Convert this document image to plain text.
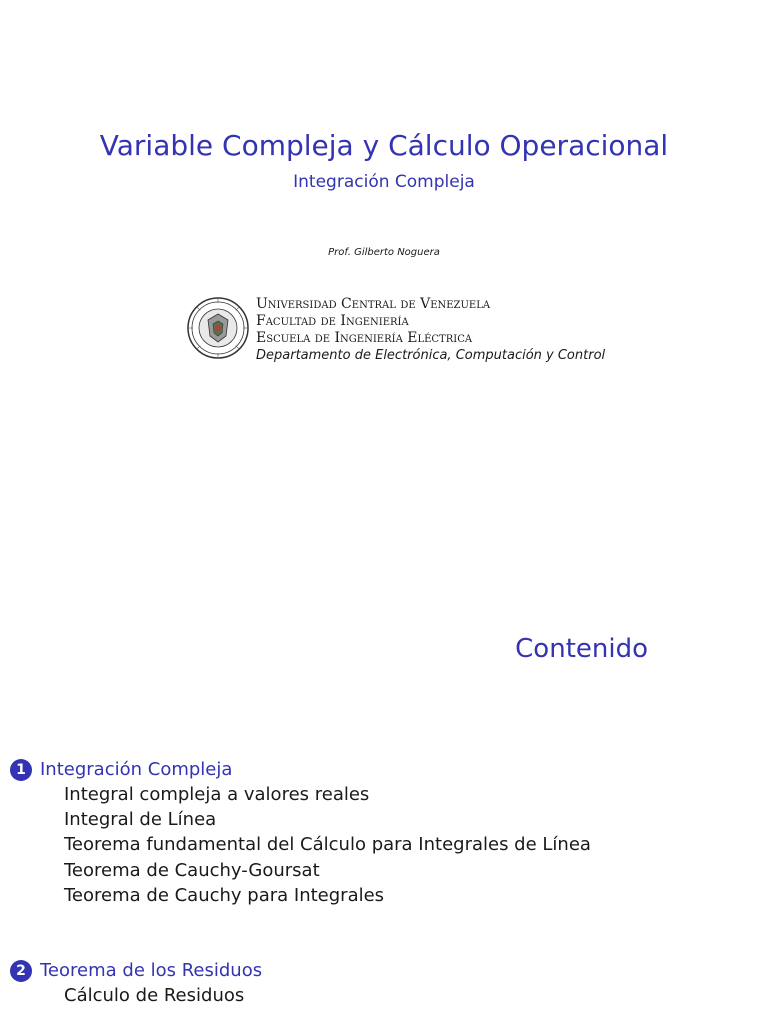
Variable Compleja y Cálculo Operacional
Integración Compleja
Prof. Gilberto Noguera
Universidad Central de Venezuela
Facultad de Ingeniería
Escuela de Ingeniería Eléctrica
Departamento de Electrónica, Computación y Control
Contenido
1 Integración Compleja
Integral compleja a valores reales
Integral de Línea
Teorema fundamental del Cálculo para Integrales de Línea
Teorema de Cauchy-Goursat
Teorema de Cauchy para Integrales
2 Teorema de los Residuos
Cálculo de Residuos
